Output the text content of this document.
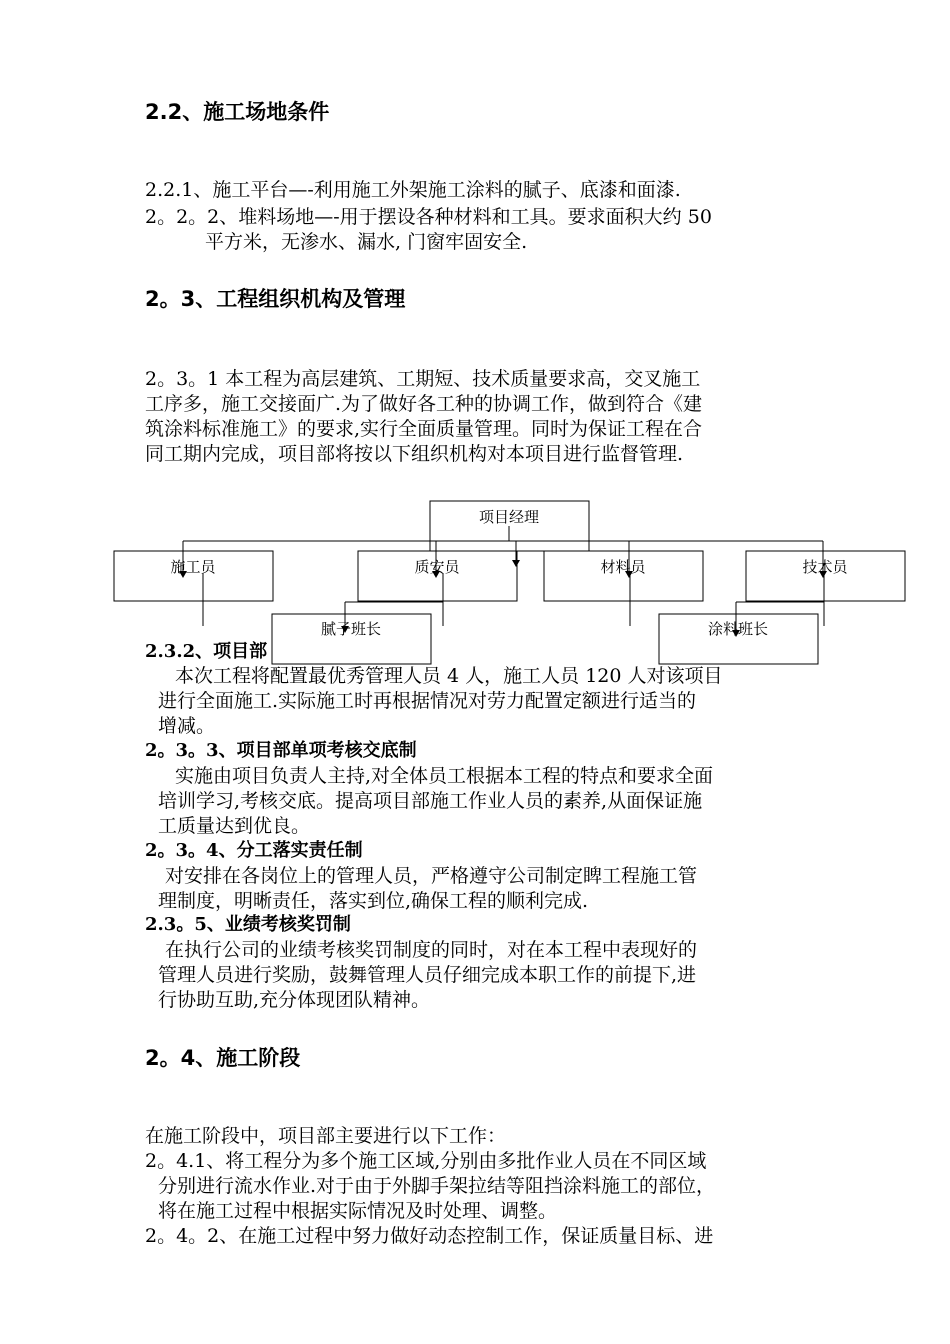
2.2、施工场地条件
2.2.1、施工平台—-利用施工外架施工涂料的腻子、底漆和面漆.
2。2。2、堆料场地—-用于摆设各种材料和工具。要求面积大约 50
平方米，无渗水、漏水, 门窗牢固安全.
2。3、工程组织机构及管理
2。3。1 本工程为高层建筑、工期短、技术质量要求高，交叉施工
工序多，施工交接面广.为了做好各工种的协调工作，做到符合《建
筑涂料标准施工》的要求,实行全面质量管理。同时为保证工程在合
同工期内完成，项目部将按以下组织机构对本项目进行监督管理.
项目经理
施工员	质安员	材料员	技术员
腻子班长	涂料班长
2.3.2、项目部
本次工程将配置最优秀管理人员 4 人，施工人员 120 人对该项目
进行全面施工.实际施工时再根据情况对劳力配置定额进行适当的
增减。
2。3。3、项目部单项考核交底制
实施由项目负责人主持,对全体员工根据本工程的特点和要求全面
培训学习,考核交底。提高项目部施工作业人员的素养,从面保证施
工质量达到优良。
2。3。4、分工落实责任制
对安排在各岗位上的管理人员，严格遵守公司制定睥工程施工管
理制度，明晰责任，落实到位,确保工程的顺利完成.
2.3。5、业绩考核奖罚制
在执行公司的业绩考核奖罚制度的同时，对在本工程中表现好的
管理人员进行奖励，鼓舞管理人员仔细完成本职工作的前提下,进
行协助互助,充分体现团队精神。
2。4、施工阶段
在施工阶段中，项目部主要进行以下工作：
2。4.1、将工程分为多个施工区域,分别由多批作业人员在不同区域
分别进行流水作业.对于由于外脚手架拉结等阻挡涂料施工的部位，
将在施工过程中根据实际情况及时处理、调整。
2。4。2、在施工过程中努力做好动态控制工作，保证质量目标、进
